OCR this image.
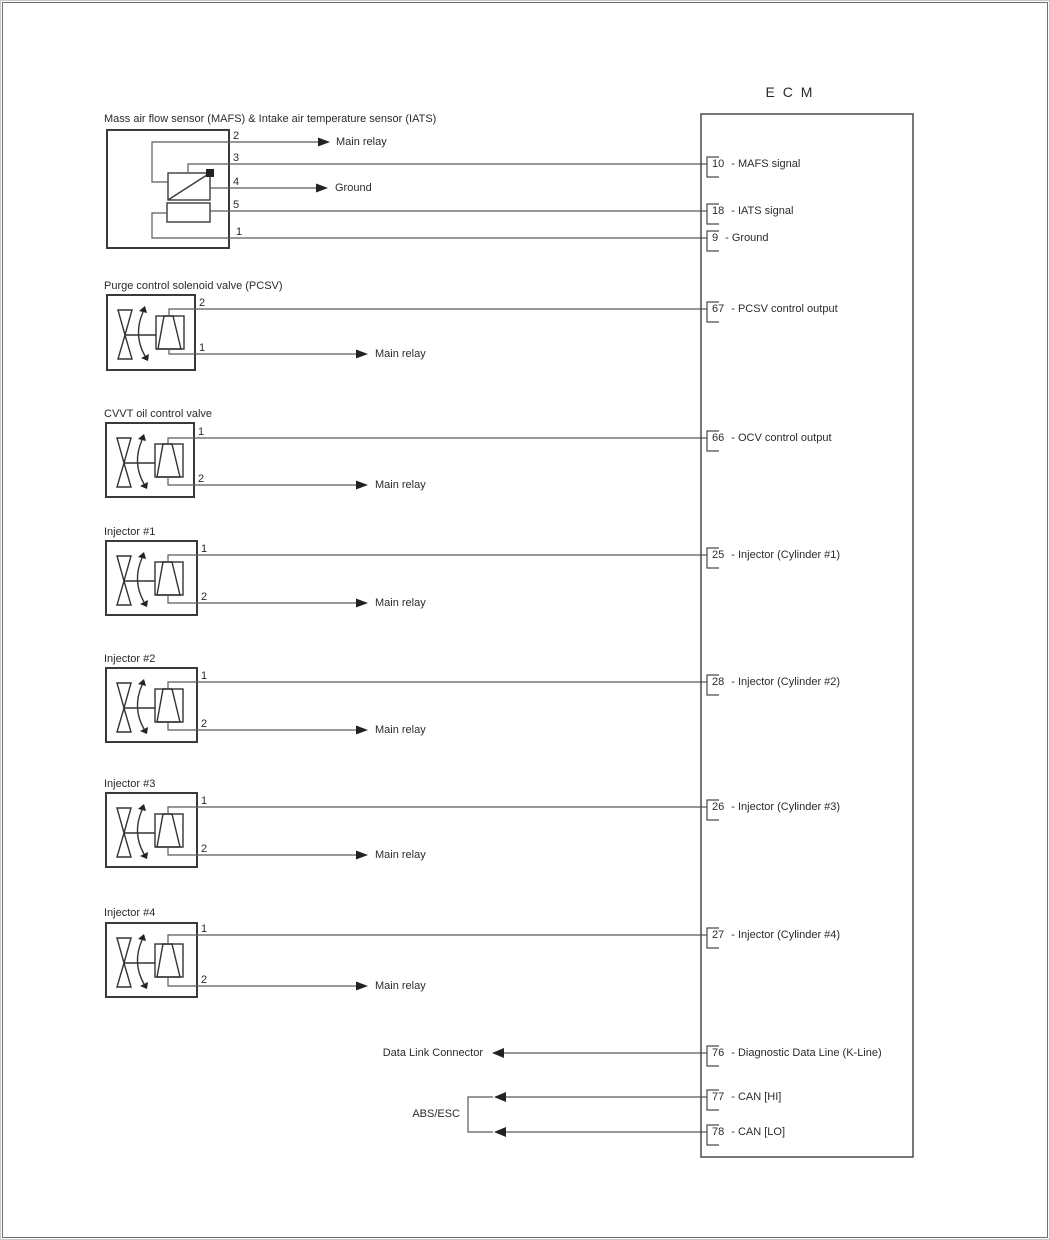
E C M
Mass air flow sensor (MAFS) & Intake air temperature sensor (IATS)
Purge control solenoid valve (PCSV)
CVVT oil control valve
Injector #1
Injector #2
Injector #3
Injector #4
2
3
4
5
1
2
1
1
2
1
2
1
2
1
2
1
2
Main relay
Ground
Main relay
Main relay
Main relay
Main relay
Main relay
Main relay
Data Link Connector
ABS/ESC
10 - MAFS signal
18 - IATS signal
9 - Ground
67 - PCSV control output
66 - OCV control output
25 - Injector (Cylinder #1)
28 - Injector (Cylinder #2)
26 - Injector (Cylinder #3)
27 - Injector (Cylinder #4)
76 - Diagnostic Data Line (K-Line)
77 - CAN [HI]
78 - CAN [LO]
